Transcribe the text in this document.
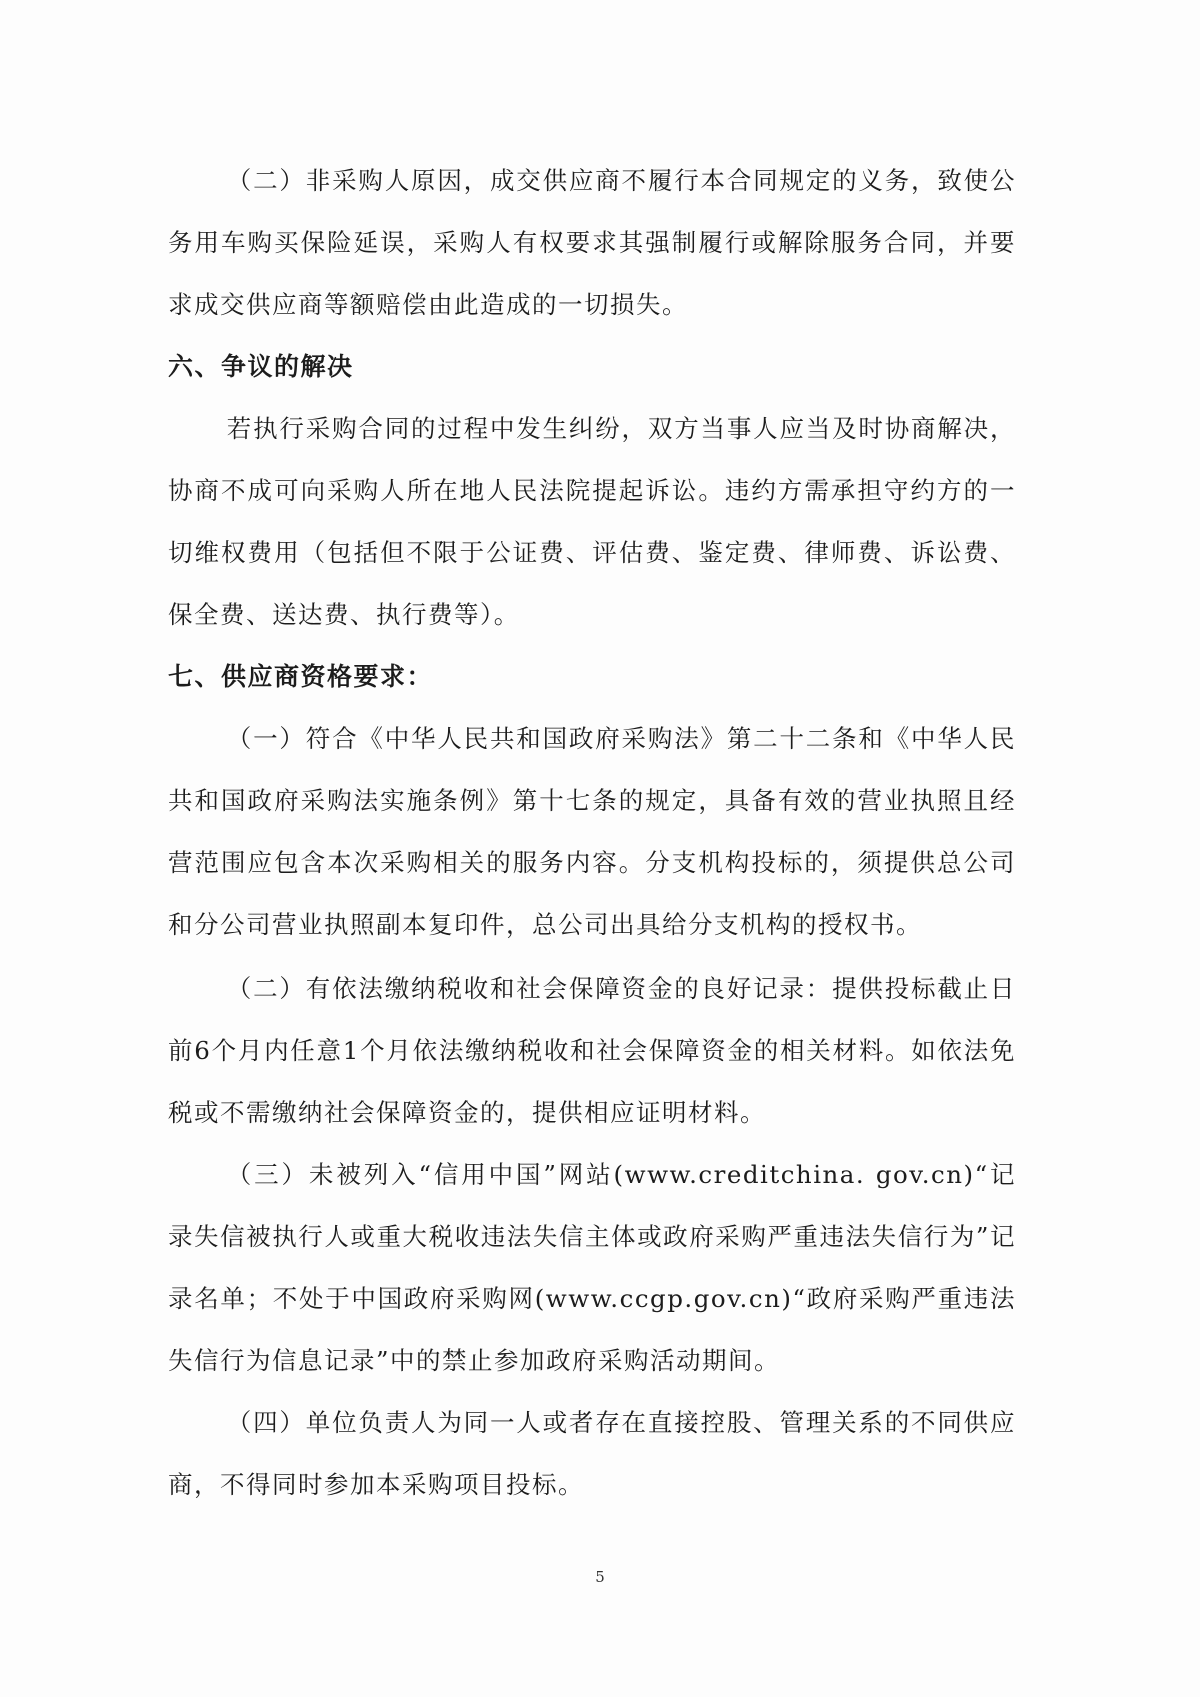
（二）非采购人原因，成交供应商不履行本合同规定的义务，致使公务用车购买保险延误，采购人有权要求其强制履行或解除服务合同，并要求成交供应商等额赔偿由此造成的一切损失。

六、争议的解决

若执行采购合同的过程中发生纠纷，双方当事人应当及时协商解决，协商不成可向采购人所在地人民法院提起诉讼。违约方需承担守约方的一切维权费用（包括但不限于公证费、评估费、鉴定费、律师费、诉讼费、保全费、送达费、执行费等）。

七、供应商资格要求：

（一）符合《中华人民共和国政府采购法》第二十二条和《中华人民共和国政府采购法实施条例》第十七条的规定，具备有效的营业执照且经营范围应包含本次采购相关的服务内容。分支机构投标的，须提供总公司和分公司营业执照副本复印件，总公司出具给分支机构的授权书。

（二）有依法缴纳税收和社会保障资金的良好记录：提供投标截止日前6个月内任意1个月依法缴纳税收和社会保障资金的相关材料。如依法免税或不需缴纳社会保障资金的，提供相应证明材料。

（三）未被列入“信用中国”网站(www.creditchina. gov.cn)“记录失信被执行人或重大税收违法失信主体或政府采购严重违法失信行为”记录名单；不处于中国政府采购网(www.ccgp.gov.cn)“政府采购严重违法失信行为信息记录”中的禁止参加政府采购活动期间。

（四）单位负责人为同一人或者存在直接控股、管理关系的不同供应商，不得同时参加本采购项目投标。

5
